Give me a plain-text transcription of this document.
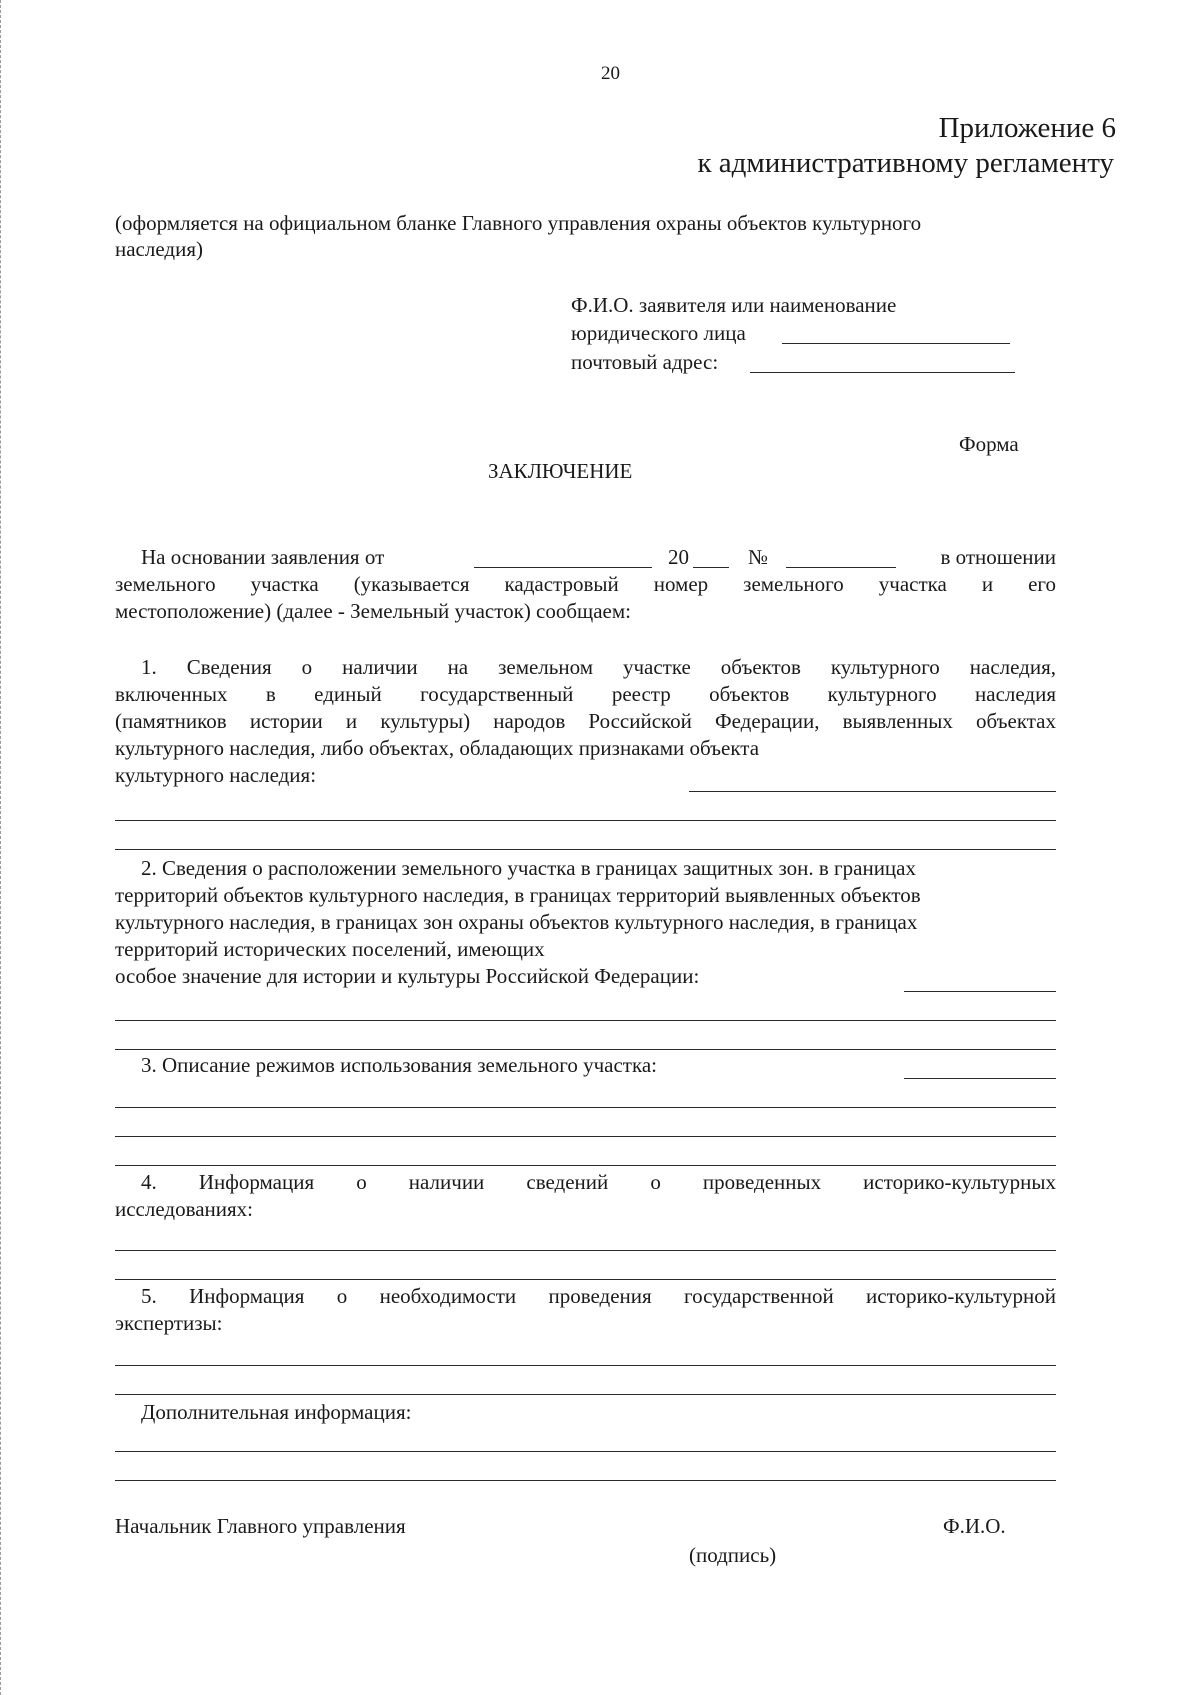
20
Приложение 6
к административному регламенту
(оформляется на официальном бланке Главного управления охраны объектов культурного
наследия)
Ф.И.О. заявителя или наименование
юридического лица
почтовый адрес:
Форма
ЗАКЛЮЧЕНИЕ
На основании заявления от	20	№	в отношении
земельного участка (указывается кадастровый номер земельного участка и его
местоположение) (далее - Земельный участок) сообщаем:
1. Сведения о наличии на земельном участке объектов культурного наследия,
включенных в единый государственный реестр объектов культурного наследия
(памятников истории и культуры) народов Российской Федерации, выявленных объектах
культурного наследия, либо объектах, обладающих признаками объекта
культурного наследия:
2. Сведения о расположении земельного участка в границах защитных зон. в границах
территорий объектов культурного наследия, в границах территорий выявленных объектов
культурного наследия, в границах зон охраны объектов культурного наследия, в границах
территорий исторических поселений, имеющих
особое значение для истории и культуры Российской Федерации:
3. Описание режимов использования земельного участка:
4. Информация о наличии сведений о проведенных историко-культурных
исследованиях:
5. Информация о необходимости проведения государственной историко-культурной
экспертизы:
Дополнительная информация:
Начальник Главного управления	Ф.И.О.
(подпись)
